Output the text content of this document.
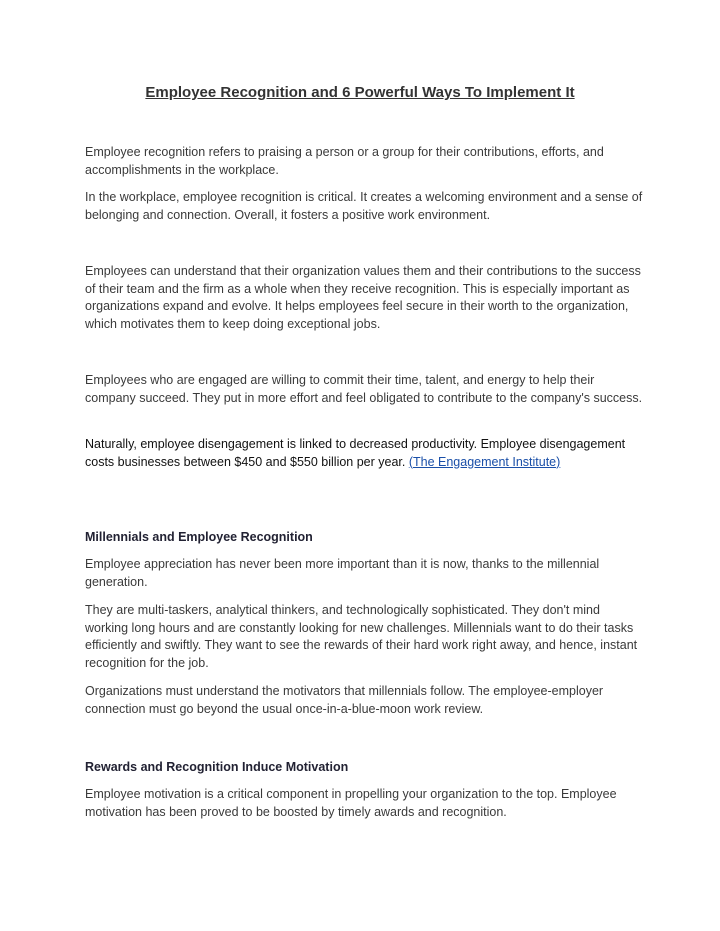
Employee Recognition and 6 Powerful Ways To Implement It

Employee recognition refers to praising a person or a group for their contributions, efforts, and accomplishments in the workplace.

In the workplace, employee recognition is critical. It creates a welcoming environment and a sense of belonging and connection. Overall, it fosters a positive work environment.

Employees can understand that their organization values them and their contributions to the success of their team and the firm as a whole when they receive recognition. This is especially important as organizations expand and evolve. It helps employees feel secure in their worth to the organization, which motivates them to keep doing exceptional jobs.

Employees who are engaged are willing to commit their time, talent, and energy to help their company succeed. They put in more effort and feel obligated to contribute to the company's success.

Naturally, employee disengagement is linked to decreased productivity. Employee disengagement costs businesses between $450 and $550 billion per year. (The Engagement Institute)

Millennials and Employee Recognition

Employee appreciation has never been more important than it is now, thanks to the millennial generation.

They are multi-taskers, analytical thinkers, and technologically sophisticated. They don't mind working long hours and are constantly looking for new challenges. Millennials want to do their tasks efficiently and swiftly. They want to see the rewards of their hard work right away, and hence, instant recognition for the job.

Organizations must understand the motivators that millennials follow. The employee-employer connection must go beyond the usual once-in-a-blue-moon work review.

Rewards and Recognition Induce Motivation

Employee motivation is a critical component in propelling your organization to the top. Employee motivation has been proved to be boosted by timely awards and recognition.
